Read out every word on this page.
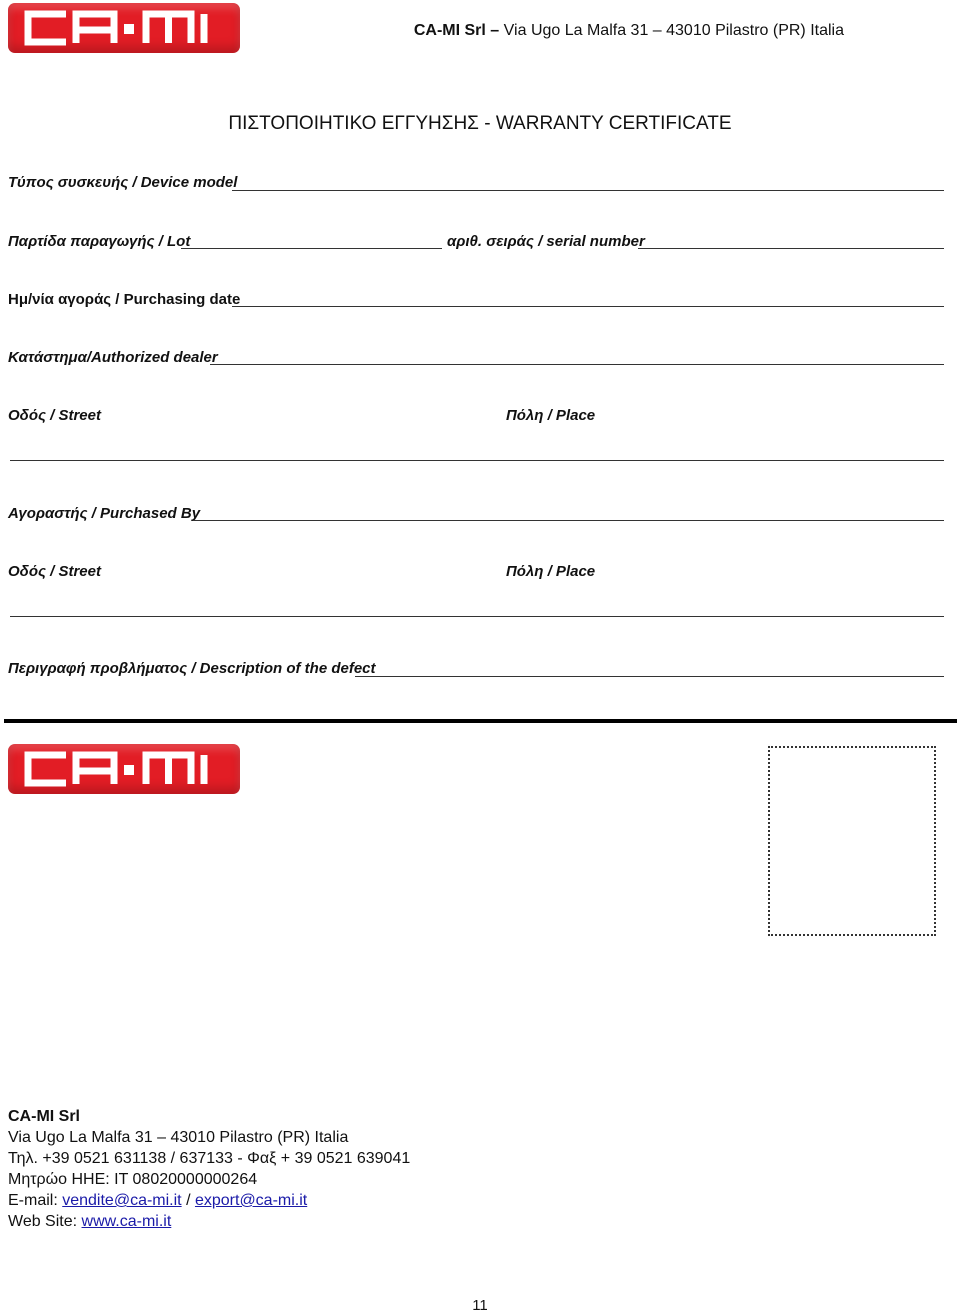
CA-MI Srl – Via Ugo La Malfa 31 – 43010 Pilastro (PR) Italia
ΠΙΣΤΟΠΟΙΗΤΙΚΟ ΕΓΓΥΗΣΗΣ - WARRANTY CERTIFICATE
Τύπος συσκευής / Device model
Παρτίδα παραγωγής / Lot	αριθ. σειράς / serial number
Ημ/νία αγοράς / Purchasing date
Κατάστημα/Authorized dealer
Οδός / Street	Πόλη / Place
Αγοραστής / Purchased By
Οδός / Street	Πόλη / Place
Περιγραφή προβλήματος / Description of the defect
CA-MI Srl
Via Ugo La Malfa 31 – 43010 Pilastro (PR) Italia
Τηλ. +39 0521 631138 / 637133 - Φαξ + 39 0521 639041
Μητρώο ΗΗΕ: IT 08020000000264
E-mail: vendite@ca-mi.it / export@ca-mi.it
Web Site: www.ca-mi.it
11
